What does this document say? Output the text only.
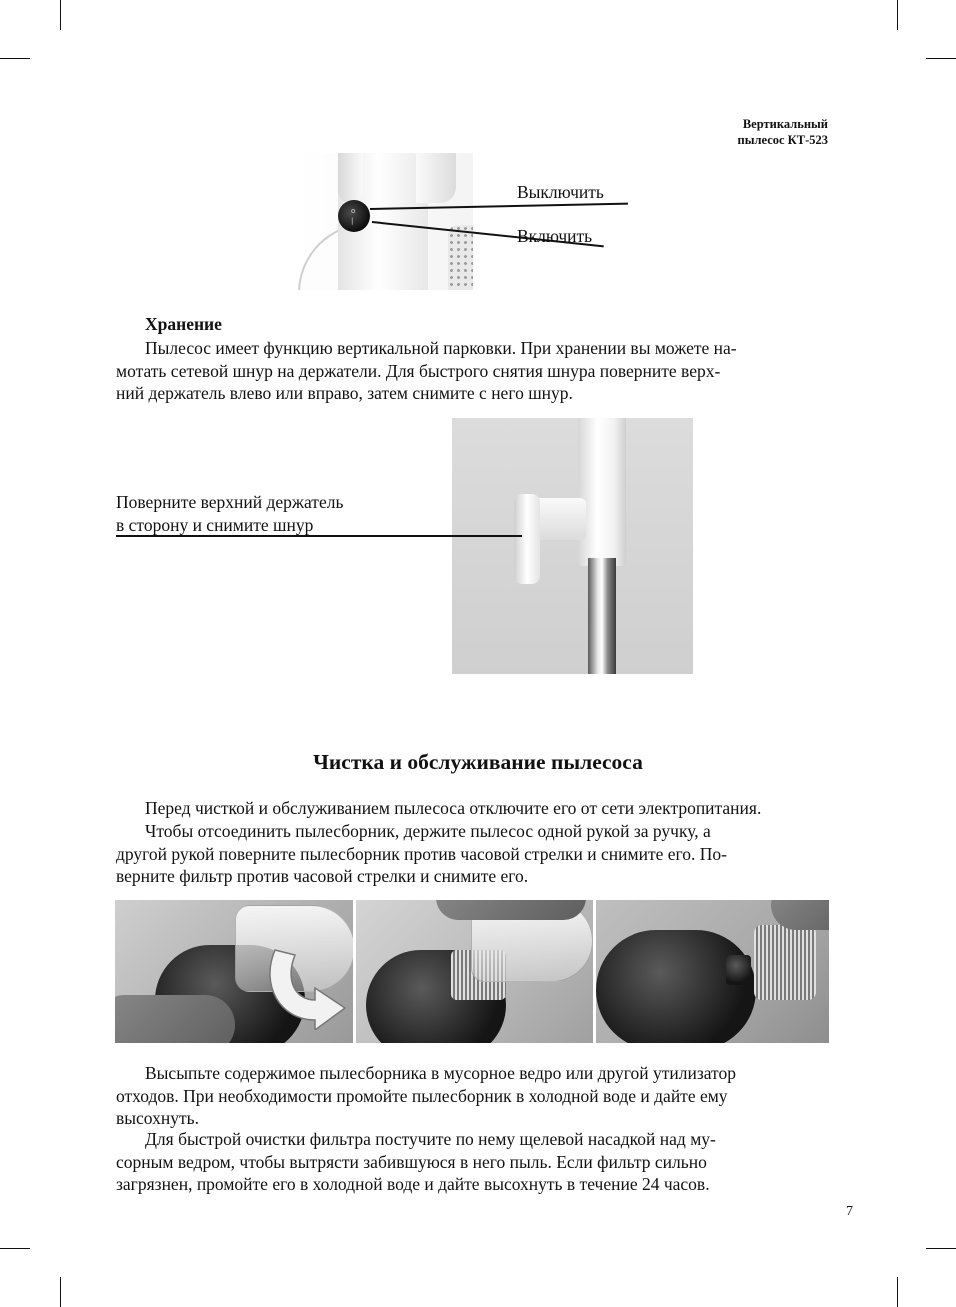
Вертикальный
пылесос КТ-523
o
|
Выключить
Включить
Хранение
Пылесос имеет функцию вертикальной парковки. При хранении вы можете на-
мотать сетевой шнур на держатели. Для быстрого снятия шнура поверните верх-
ний держатель влево или вправо, затем снимите с него шнур.
Поверните верхний держатель
в сторону и снимите шнур
Чистка и обслуживание пылесоса
Перед чисткой и обслуживанием пылесоса отключите его от сети электропитания.
Чтобы отсоединить пылесборник, держите пылесос одной рукой за ручку, а
другой рукой поверните пылесборник против часовой стрелки и снимите его. По-
верните фильтр против часовой стрелки и снимите его.
Высыпьте содержимое пылесборника в мусорное ведро или другой утилизатор
отходов. При необходимости промойте пылесборник в холодной воде и дайте ему
высохнуть.
Для быстрой очистки фильтра постучите по нему щелевой насадкой над му-
сорным ведром, чтобы вытрясти забившуюся в него пыль. Если фильтр сильно
загрязнен, промойте его в холодной воде и дайте высохнуть в течение 24 часов.
7
